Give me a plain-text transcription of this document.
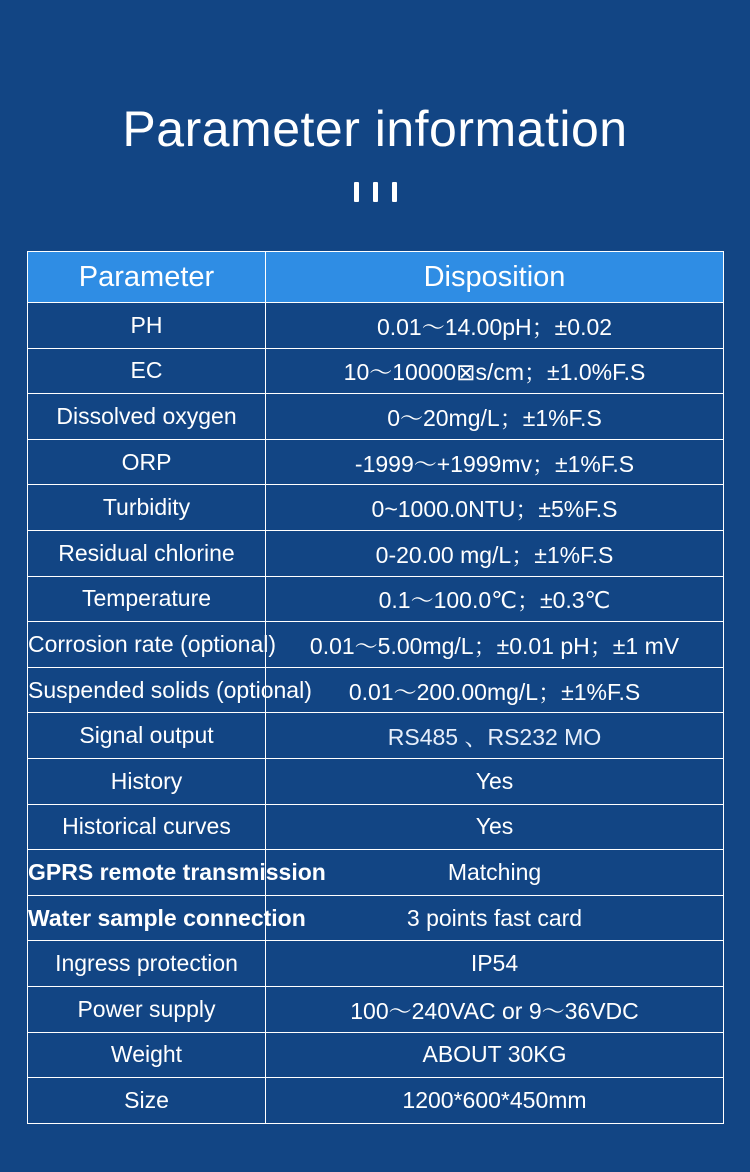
Parameter information
Parameter	Disposition
PH	0.01～14.00pH；±0.02
EC	10～10000⊠s/cm；±1.0%F.S
Dissolved oxygen	0～20mg/L；±1%F.S
ORP	-1999～+1999mv；±1%F.S
Turbidity	0~1000.0NTU；±5%F.S
Residual chlorine	0-20.00 mg/L；±1%F.S
Temperature	0.1～100.0℃；±0.3℃
Corrosion rate (optional)	0.01～5.00mg/L；±0.01 pH；±1 mV
Suspended solids (optional)	0.01～200.00mg/L；±1%F.S
Signal output	RS485 、RS232 MO
History	Yes
Historical curves	Yes
GPRS remote transmission	Matching
Water sample connection	3 points fast card
Ingress protection	IP54
Power supply	100～240VAC or 9～36VDC
Weight	ABOUT 30KG
Size	1200*600*450mm
